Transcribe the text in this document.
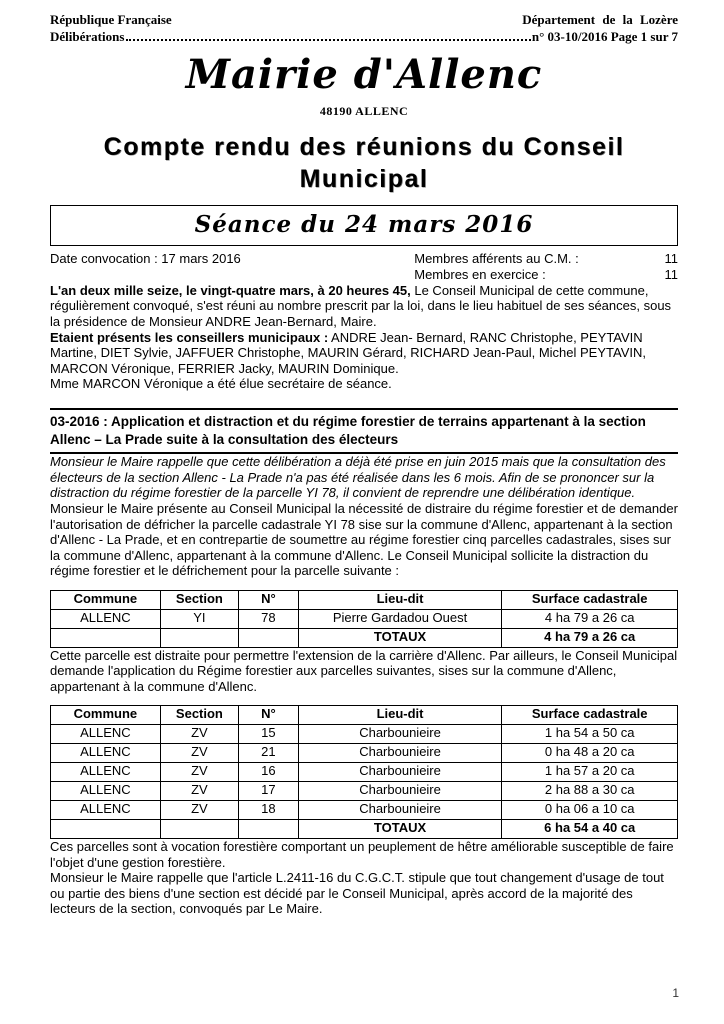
République Française	Département de la Lozère
Délibérations	n° 03-10/2016 Page 1 sur 7
Mairie d'Allenc
48190 ALLENC
Compte rendu des réunions du Conseil Municipal
Séance du 24 mars 2016
Date convocation : 17 mars 2016	Membres afférents au C.M. :	11
Membres en exercice :	11

L'an deux mille seize, le vingt-quatre mars, à 20 heures 45, Le Conseil Municipal de cette commune, régulièrement convoqué, s'est réuni au nombre prescrit par la loi, dans le lieu habituel de ses séances, sous la présidence de Monsieur ANDRE Jean-Bernard, Maire.

Etaient présents les conseillers municipaux : ANDRE Jean- Bernard, RANC Christophe, PEYTAVIN Martine, DIET Sylvie, JAFFUER Christophe, MAURIN Gérard, RICHARD Jean-Paul, Michel PEYTAVIN, MARCON Véronique, FERRIER Jacky, MAURIN Dominique.

Mme MARCON Véronique a été élue secrétaire de séance.

03-2016 : Application et distraction et du régime forestier de terrains appartenant à la section Allenc – La Prade suite à la consultation des électeurs

Monsieur le Maire rappelle que cette délibération a déjà été prise en juin 2015 mais que la consultation des électeurs de la section Allenc - La Prade n'a pas été réalisée dans les 6 mois. Afin de se prononcer sur la distraction du régime forestier de la parcelle YI 78, il convient de reprendre une délibération identique.

Monsieur le Maire présente au Conseil Municipal la nécessité de distraire du régime forestier et de demander l'autorisation de défricher la parcelle cadastrale YI 78 sise sur la commune d'Allenc, appartenant à la section d'Allenc - La Prade, et en contrepartie de soumettre au régime forestier cinq parcelles cadastrales, sises sur la commune d'Allenc, appartenant à la commune d'Allenc. Le Conseil Municipal sollicite la distraction du régime forestier et le défrichement pour la parcelle suivante :

Commune	Section	N°	Lieu-dit	Surface cadastrale
ALLENC	YI	78	Pierre Gardadou Ouest	4 ha 79 a 26 ca
			TOTAUX	4 ha 79 a 26 ca

Cette parcelle est distraite pour permettre l'extension de la carrière d'Allenc. Par ailleurs, le Conseil Municipal demande l'application du Régime forestier aux parcelles suivantes, sises sur la commune d'Allenc, appartenant à la commune d'Allenc.

Commune	Section	N°	Lieu-dit	Surface cadastrale
ALLENC	ZV	15	Charbounieire	1 ha 54 a 50 ca
ALLENC	ZV	21	Charbounieire	0 ha 48 a 20 ca
ALLENC	ZV	16	Charbounieire	1 ha 57 a 20 ca
ALLENC	ZV	17	Charbounieire	2 ha 88 a 30 ca
ALLENC	ZV	18	Charbounieire	0 ha 06 a 10 ca
			TOTAUX	6 ha 54 a 40 ca

Ces parcelles sont à vocation forestière comportant un peuplement de hêtre améliorable susceptible de faire l'objet d'une gestion forestière.

Monsieur le Maire rappelle que l'article L.2411-16 du C.G.C.T. stipule que tout changement d'usage de tout ou partie des biens d'une section est décidé par le Conseil Municipal, après accord de la majorité des lecteurs de la section, convoqués par Le Maire.

1
